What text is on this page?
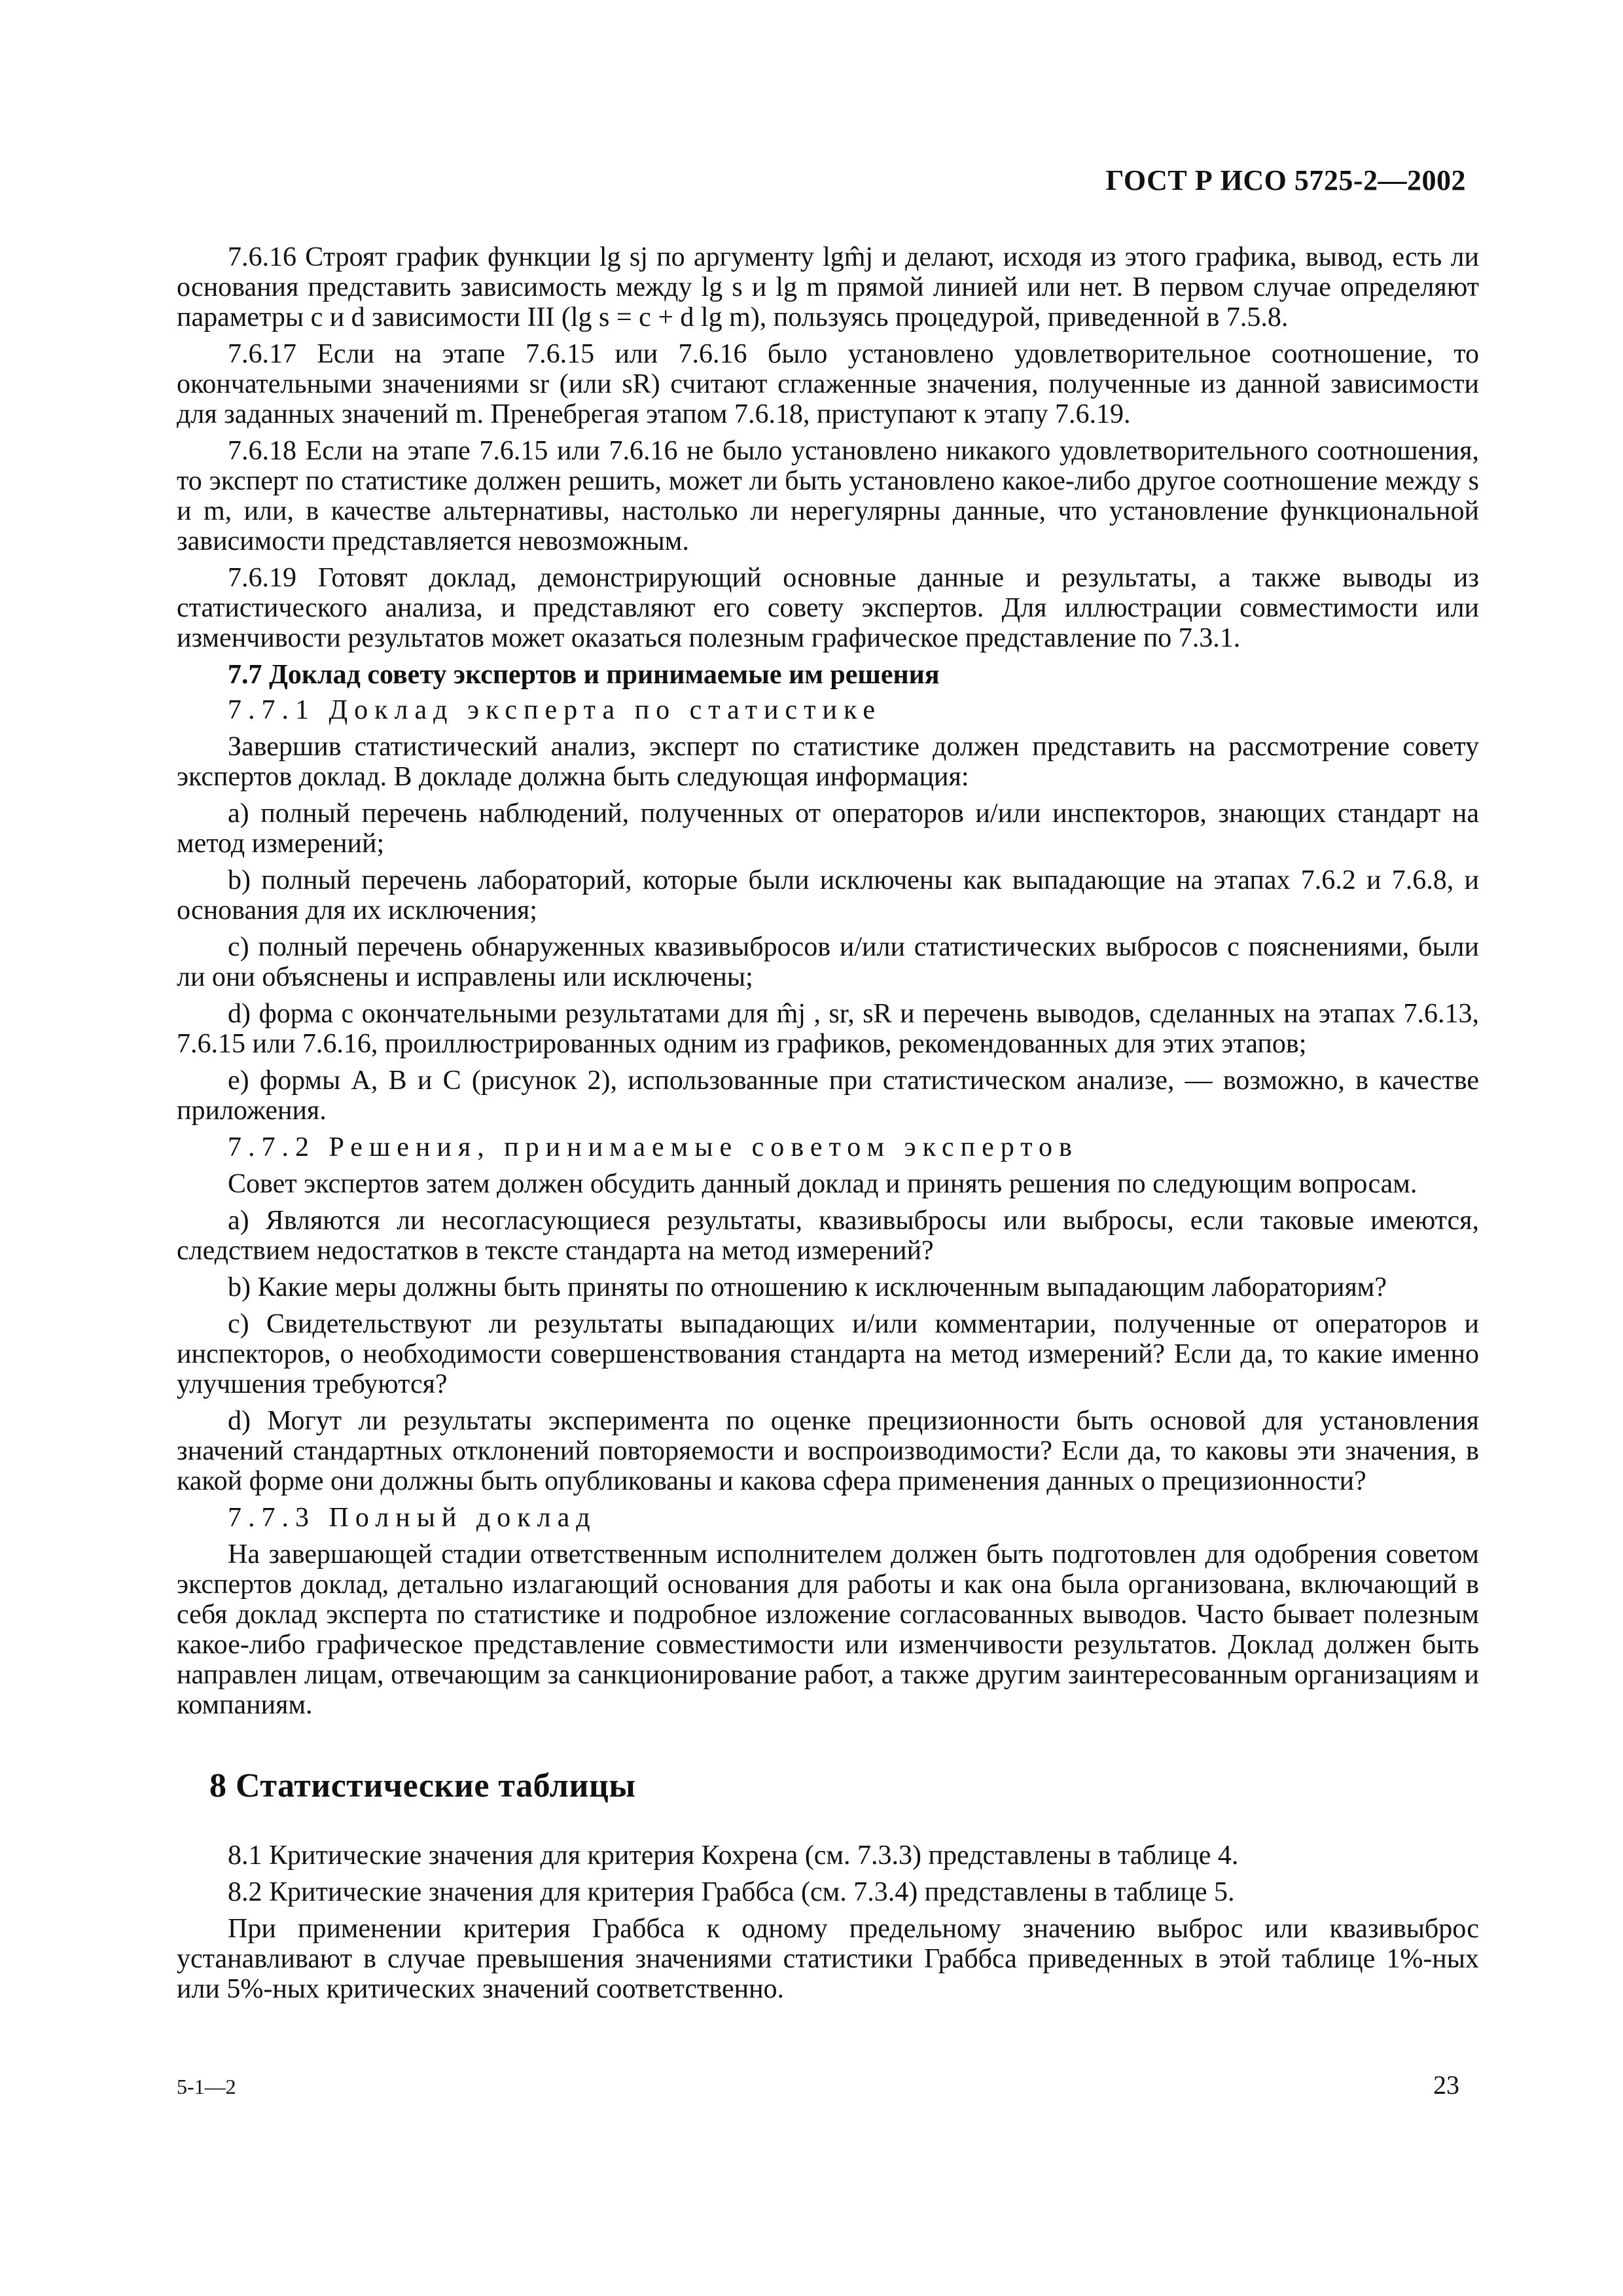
ГОСТ Р ИСО 5725-2—2002

7.6.16 Строят график функции lg sj по аргументу lgm̂j и делают, исходя из этого графика, вывод, есть ли основания представить зависимость между lg s и lg m прямой линией или нет. В первом случае определяют параметры c и d зависимости III (lg s = c + d lg m), пользуясь процедурой, приведенной в 7.5.8.

7.6.17 Если на этапе 7.6.15 или 7.6.16 было установлено удовлетворительное соотношение, то окончательными значениями sr (или sR) считают сглаженные значения, полученные из данной зависимости для заданных значений m. Пренебрегая этапом 7.6.18, приступают к этапу 7.6.19.

7.6.18 Если на этапе 7.6.15 или 7.6.16 не было установлено никакого удовлетворительного соотношения, то эксперт по статистике должен решить, может ли быть установлено какое-либо другое соотношение между s и m, или, в качестве альтернативы, настолько ли нерегулярны данные, что установление функциональной зависимости представляется невозможным.

7.6.19 Готовят доклад, демонстрирующий основные данные и результаты, а также выводы из статистического анализа, и представляют его совету экспертов. Для иллюстрации совместимости или изменчивости результатов может оказаться полезным графическое представление по 7.3.1.

7.7 Доклад совету экспертов и принимаемые им решения

7.7.1 Доклад эксперта по статистике

Завершив статистический анализ, эксперт по статистике должен представить на рассмотрение совету экспертов доклад. В докладе должна быть следующая информация:

a) полный перечень наблюдений, полученных от операторов и/или инспекторов, знающих стандарт на метод измерений;

b) полный перечень лабораторий, которые были исключены как выпадающие на этапах 7.6.2 и 7.6.8, и основания для их исключения;

c) полный перечень обнаруженных квазивыбросов и/или статистических выбросов с пояснениями, были ли они объяснены и исправлены или исключены;

d) форма с окончательными результатами для m̂j , sr, sR и перечень выводов, сделанных на этапах 7.6.13, 7.6.15 или 7.6.16, проиллюстрированных одним из графиков, рекомендованных для этих этапов;

e) формы A, B и C (рисунок 2), использованные при статистическом анализе, — возможно, в качестве приложения.

7.7.2 Решения, принимаемые советом экспертов

Совет экспертов затем должен обсудить данный доклад и принять решения по следующим вопросам.

a) Являются ли несогласующиеся результаты, квазивыбросы или выбросы, если таковые имеются, следствием недостатков в тексте стандарта на метод измерений?

b) Какие меры должны быть приняты по отношению к исключенным выпадающим лабораториям?

c) Свидетельствуют ли результаты выпадающих и/или комментарии, полученные от операторов и инспекторов, о необходимости совершенствования стандарта на метод измерений? Если да, то какие именно улучшения требуются?

d) Могут ли результаты эксперимента по оценке прецизионности быть основой для установления значений стандартных отклонений повторяемости и воспроизводимости? Если да, то каковы эти значения, в какой форме они должны быть опубликованы и какова сфера применения данных о прецизионности?

7.7.3 Полный доклад

На завершающей стадии ответственным исполнителем должен быть подготовлен для одобрения советом экспертов доклад, детально излагающий основания для работы и как она была организована, включающий в себя доклад эксперта по статистике и подробное изложение согласованных выводов. Часто бывает полезным какое-либо графическое представление совместимости или изменчивости результатов. Доклад должен быть направлен лицам, отвечающим за санкционирование работ, а также другим заинтересованным организациям и компаниям.

8 Статистические таблицы

8.1 Критические значения для критерия Кохрена (см. 7.3.3) представлены в таблице 4.

8.2 Критические значения для критерия Граббса (см. 7.3.4) представлены в таблице 5.

При применении критерия Граббса к одному предельному значению выброс или квазивыброс устанавливают в случае превышения значениями статистики Граббса приведенных в этой таблице 1%-ных или 5%-ных критических значений соответственно.

5-1—2	23
